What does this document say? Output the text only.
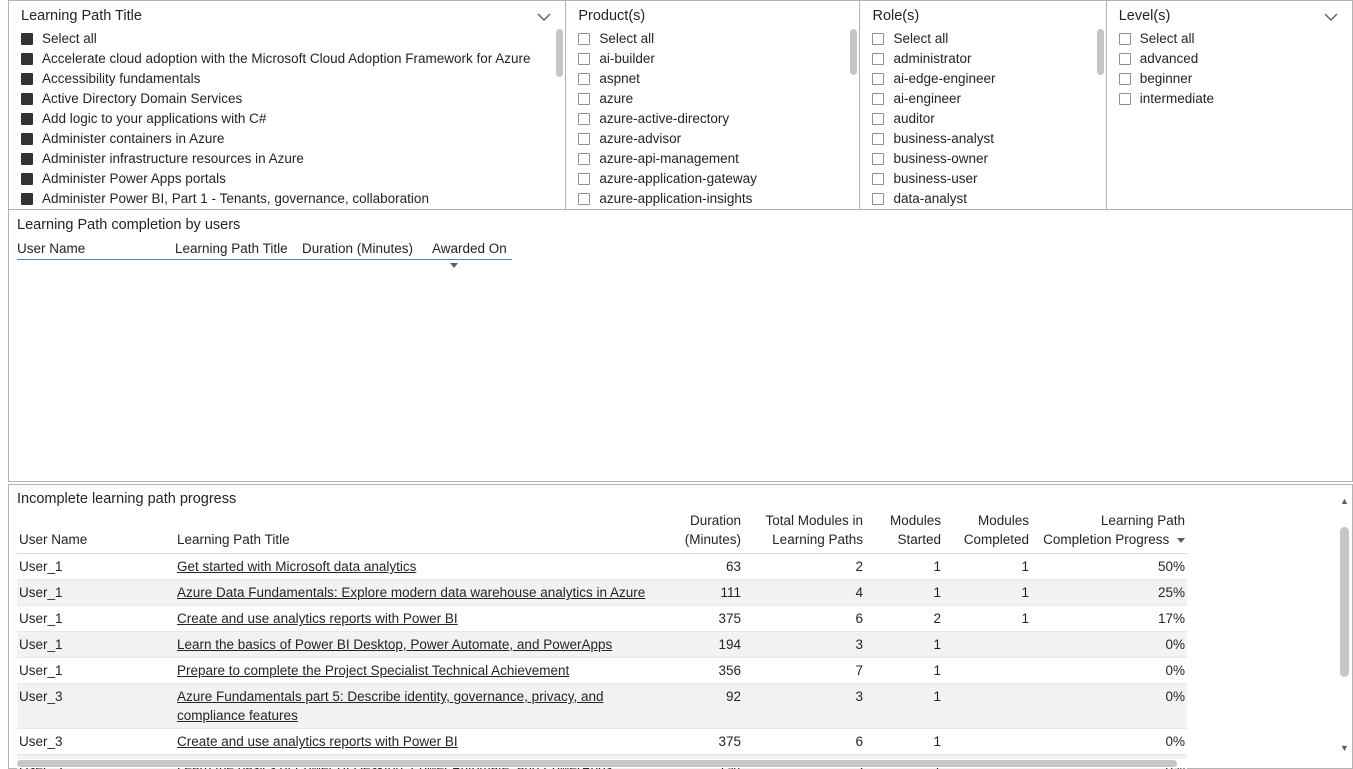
Learning Path Title
Select all
Accelerate cloud adoption with the Microsoft Cloud Adoption Framework for Azure
Accessibility fundamentals
Active Directory Domain Services
Add logic to your applications with C#
Administer containers in Azure
Administer infrastructure resources in Azure
Administer Power Apps portals
Administer Power BI, Part 1 - Tenants, governance, collaboration
Product(s)
Select all
ai-builder
aspnet
azure
azure-active-directory
azure-advisor
azure-api-management
azure-application-gateway
azure-application-insights
Role(s)
Select all
administrator
ai-edge-engineer
ai-engineer
auditor
business-analyst
business-owner
business-user
data-analyst
Level(s)
Select all
advanced
beginner
intermediate
Learning Path completion by users
User Name	Learning Path Title	Duration (Minutes)	Awarded On
Incomplete learning path progress
User Name	Learning Path Title	Duration (Minutes)	Total Modules in Learning Paths	Modules Started	Modules Completed	Learning Path Completion Progress
User_1	Get started with Microsoft data analytics	63	2	1	1	50%
User_1	Azure Data Fundamentals: Explore modern data warehouse analytics in Azure	111	4	1	1	25%
User_1	Create and use analytics reports with Power BI	375	6	2	1	17%
User_1	Learn the basics of Power BI Desktop, Power Automate, and PowerApps	194	3	1		0%
User_1	Prepare to complete the Project Specialist Technical Achievement	356	7	1		0%
User_3	Azure Fundamentals part 5: Describe identity, governance, privacy, and compliance features	92	3	1		0%
User_3	Create and use analytics reports with Power BI	375	6	1		0%

▲
▼
